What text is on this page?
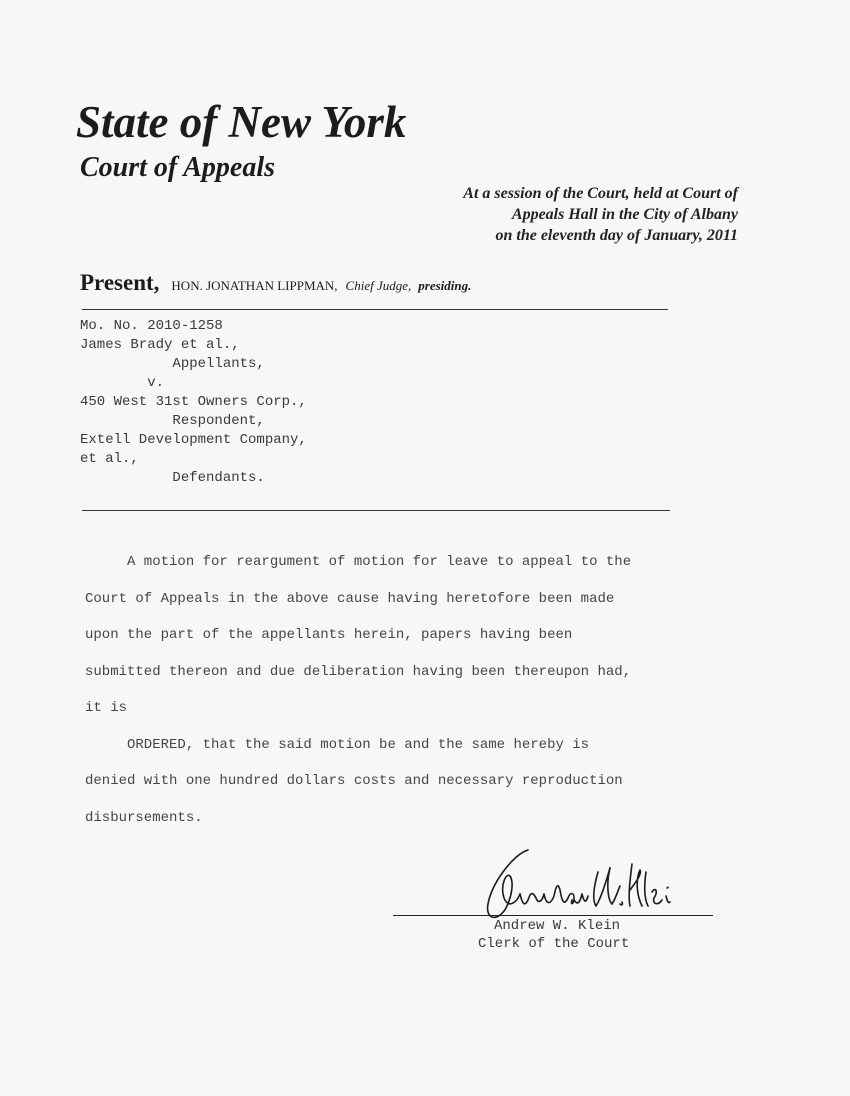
State of New York
Court of Appeals
At a session of the Court, held at Court of
Appeals Hall in the City of Albany
on the eleventh day of January, 2011
Present, HON. JONATHAN LIPPMAN, Chief Judge, presiding.
Mo. No. 2010-1258
James Brady et al.,
Appellants,
v.
450 West 31st Owners Corp.,
Respondent,
Extell Development Company,
et al.,
Defendants.
A motion for reargument of motion for leave to appeal to the
Court of Appeals in the above cause having heretofore been made
upon the part of the appellants herein, papers having been
submitted thereon and due deliberation having been thereupon had,
it is
ORDERED, that the said motion be and the same hereby is
denied with one hundred dollars costs and necessary reproduction
disbursements.
Andrew W. Klein
Clerk of the Court
